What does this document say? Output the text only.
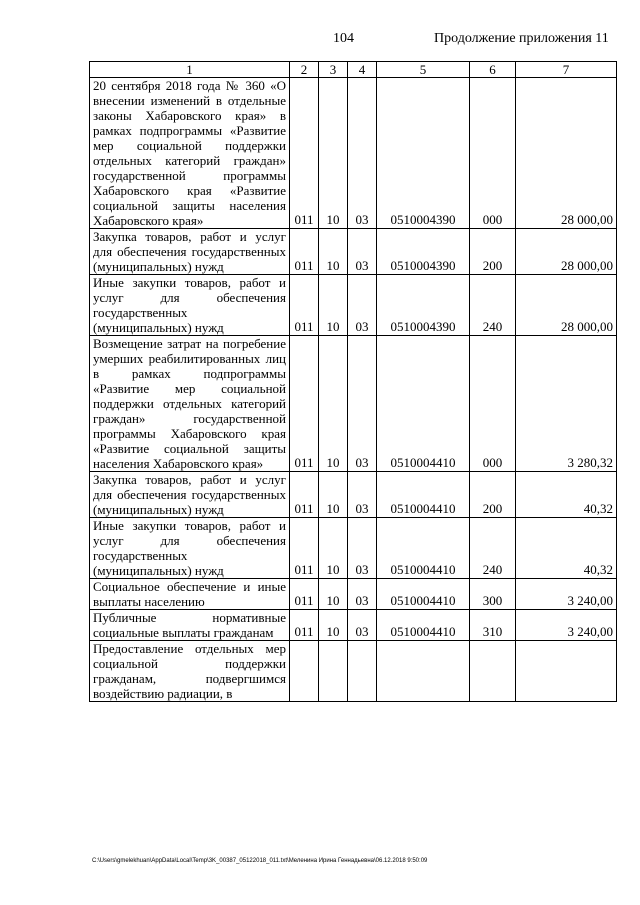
104	Продолжение приложения 11
1	2	3	4	5	6	7
20 сентября 2018 года № 360 «О внесении изменений в отдельные законы Хабаровского края» в рамках подпрограммы «Развитие мер социальной поддержки отдельных категорий граждан» государственной программы Хабаровского края «Развитие социальной защиты населения Хабаровского края»	011	10	03	0510004390	000	28 000,00
Закупка товаров, работ и услуг для обеспечения государственных (муниципальных) нужд	011	10	03	0510004390	200	28 000,00
Иные закупки товаров, работ и услуг для обеспечения государственных (муниципальных) нужд	011	10	03	0510004390	240	28 000,00
Возмещение затрат на погребение умерших реабилитированных лиц в рамках подпрограммы «Развитие мер социальной поддержки отдельных категорий граждан» государственной программы Хабаровского края «Развитие социальной защиты населения Хабаровского края»	011	10	03	0510004410	000	3 280,32
Закупка товаров, работ и услуг для обеспечения государственных (муниципальных) нужд	011	10	03	0510004410	200	40,32
Иные закупки товаров, работ и услуг для обеспечения государственных (муниципальных) нужд	011	10	03	0510004410	240	40,32
Социальное обеспечение и иные выплаты населению	011	10	03	0510004410	300	3 240,00
Публичные нормативные социальные выплаты гражданам	011	10	03	0510004410	310	3 240,00
Предоставление отдельных мер социальной поддержки гражданам, подвергшимся воздействию радиации, в						
C:\Users\gmelekhuan\AppData\Local\Temp\3K_00387_05122018_011.txt\Меленина Ирина Геннадьевна\06.12.2018 9:50:09
